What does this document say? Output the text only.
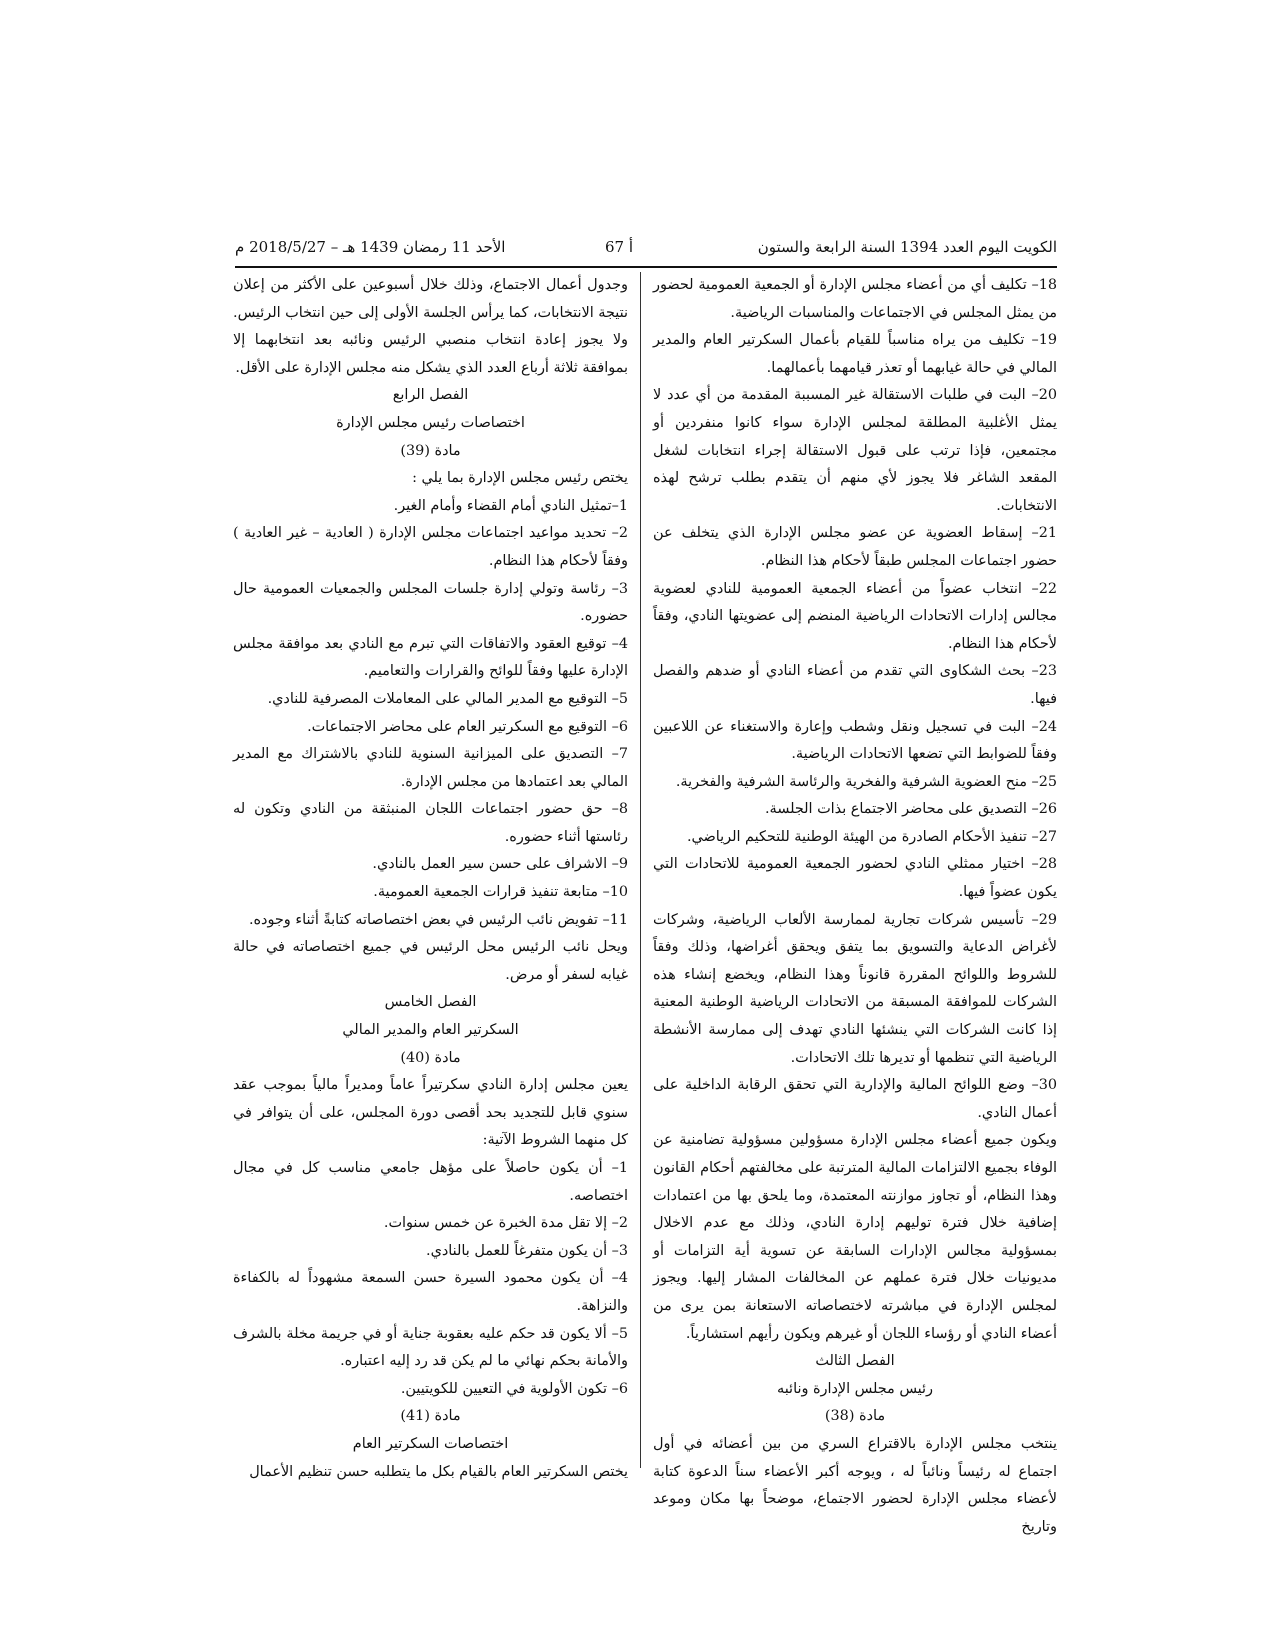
الكويت اليوم العدد 1394 السنة الرابعة والستون
أ 67
الأحد 11 رمضان 1439 هـ – 2018/5/27 م

18– تكليف أي من أعضاء مجلس الإدارة أو الجمعية العمومية لحضور من يمثل المجلس في الاجتماعات والمناسبات الرياضية.

19– تكليف من يراه مناسباً للقيام بأعمال السكرتير العام والمدير المالي في حالة غيابهما أو تعذر قيامهما بأعمالهما.

20– البت في طلبات الاستقالة غير المسببة المقدمة من أي عدد لا يمثل الأغلبية المطلقة لمجلس الإدارة سواء كانوا منفردين أو مجتمعين، فإذا ترتب على قبول الاستقالة إجراء انتخابات لشغل المقعد الشاغر فلا يجوز لأي منهم أن يتقدم بطلب ترشح لهذه الانتخابات.

21– إسقاط العضوية عن عضو مجلس الإدارة الذي يتخلف عن حضور اجتماعات المجلس طبقاً لأحكام هذا النظام.

22– انتخاب عضواً من أعضاء الجمعية العمومية للنادي لعضوية مجالس إدارات الاتحادات الرياضية المنضم إلى عضويتها النادي، وفقاً لأحكام هذا النظام.

23– بحث الشكاوى التي تقدم من أعضاء النادي أو ضدهم والفصل فيها.

24– البت في تسجيل ونقل وشطب وإعارة والاستغناء عن اللاعبين وفقاً للضوابط التي تضعها الاتحادات الرياضية.

25– منح العضوية الشرفية والفخرية والرئاسة الشرفية والفخرية.

26– التصديق على محاضر الاجتماع بذات الجلسة.

27– تنفيذ الأحكام الصادرة من الهيئة الوطنية للتحكيم الرياضي.

28– اختيار ممثلي النادي لحضور الجمعية العمومية للاتحادات التي يكون عضواً فيها.

29– تأسيس شركات تجارية لممارسة الألعاب الرياضية، وشركات لأغراض الدعاية والتسويق بما يتفق ويحقق أغراضها، وذلك وفقاً للشروط واللوائح المقررة قانوناً وهذا النظام، ويخضع إنشاء هذه الشركات للموافقة المسبقة من الاتحادات الرياضية الوطنية المعنية إذا كانت الشركات التي ينشئها النادي تهدف إلى ممارسة الأنشطة الرياضية التي تنظمها أو تديرها تلك الاتحادات.

30– وضع اللوائح المالية والإدارية التي تحقق الرقابة الداخلية على أعمال النادي.

ويكون جميع أعضاء مجلس الإدارة مسؤولين مسؤولية تضامنية عن الوفاء بجميع الالتزامات المالية المترتبة على مخالفتهم أحكام القانون وهذا النظام، أو تجاوز موازنته المعتمدة، وما يلحق بها من اعتمادات إضافية خلال فترة توليهم إدارة النادي، وذلك مع عدم الاخلال بمسؤولية مجالس الإدارات السابقة عن تسوية أية التزامات أو مديونيات خلال فترة عملهم عن المخالفات المشار إليها. ويجوز لمجلس الإدارة في مباشرته لاختصاصاته الاستعانة بمن يرى من أعضاء النادي أو رؤساء اللجان أو غيرهم ويكون رأيهم استشارياً.

الفصل الثالث

رئيس مجلس الإدارة ونائبه

مادة (38)

ينتخب مجلس الإدارة بالاقتراع السري من بين أعضائه في أول اجتماع له رئيساً ونائباً له ، ويوجه أكبر الأعضاء سناً الدعوة كتابة لأعضاء مجلس الإدارة لحضور الاجتماع، موضحاً بها مكان وموعد وتاريخ

وجدول أعمال الاجتماع، وذلك خلال أسبوعين على الأكثر من إعلان نتيجة الانتخابات، كما يرأس الجلسة الأولى إلى حين انتخاب الرئيس. ولا يجوز إعادة انتخاب منصبي الرئيس ونائبه بعد انتخابهما إلا بموافقة ثلاثة أرباع العدد الذي يشكل منه مجلس الإدارة على الأقل.

الفصل الرابع

اختصاصات رئيس مجلس الإدارة

مادة (39)

يختص رئيس مجلس الإدارة بما يلي :

1–تمثيل النادي أمام القضاء وأمام الغير.

2– تحديد مواعيد اجتماعات مجلس الإدارة ( العادية – غير العادية ) وفقاً لأحكام هذا النظام.

3– رئاسة وتولي إدارة جلسات المجلس والجمعيات العمومية حال حضوره.

4– توقيع العقود والاتفاقات التي تبرم مع النادي بعد موافقة مجلس الإدارة عليها وفقاً للوائح والقرارات والتعاميم.

5– التوقيع مع المدير المالي على المعاملات المصرفية للنادي.

6– التوقيع مع السكرتير العام على محاضر الاجتماعات.

7– التصديق على الميزانية السنوية للنادي بالاشتراك مع المدير المالي بعد اعتمادها من مجلس الإدارة.

8– حق حضور اجتماعات اللجان المنبثقة من النادي وتكون له رئاستها أثناء حضوره.

9– الاشراف على حسن سير العمل بالنادي.

10– متابعة تنفيذ قرارات الجمعية العمومية.

11– تفويض نائب الرئيس في بعض اختصاصاته كتابةً أثناء وجوده.

ويحل نائب الرئيس محل الرئيس في جميع اختصاصاته في حالة غيابه لسفر أو مرض.

الفصل الخامس

السكرتير العام والمدير المالي

مادة (40)

يعين مجلس إدارة النادي سكرتيراً عاماً ومديراً مالياً بموجب عقد سنوي قابل للتجديد بحد أقصى دورة المجلس، على أن يتوافر في كل منهما الشروط الآتية:

1– أن يكون حاصلاً على مؤهل جامعي مناسب كل في مجال اختصاصه.

2– إلا تقل مدة الخبرة عن خمس سنوات.

3– أن يكون متفرغاً للعمل بالنادي.

4– أن يكون محمود السيرة حسن السمعة مشهوداً له بالكفاءة والنزاهة.

5– ألا يكون قد حكم عليه بعقوبة جناية أو في جريمة مخلة بالشرف والأمانة بحكم نهائي ما لم يكن قد رد إليه اعتباره.

6– تكون الأولوية في التعيين للكويتيين.

مادة (41)

اختصاصات السكرتير العام

يختص السكرتير العام بالقيام بكل ما يتطلبه حسن تنظيم الأعمال
